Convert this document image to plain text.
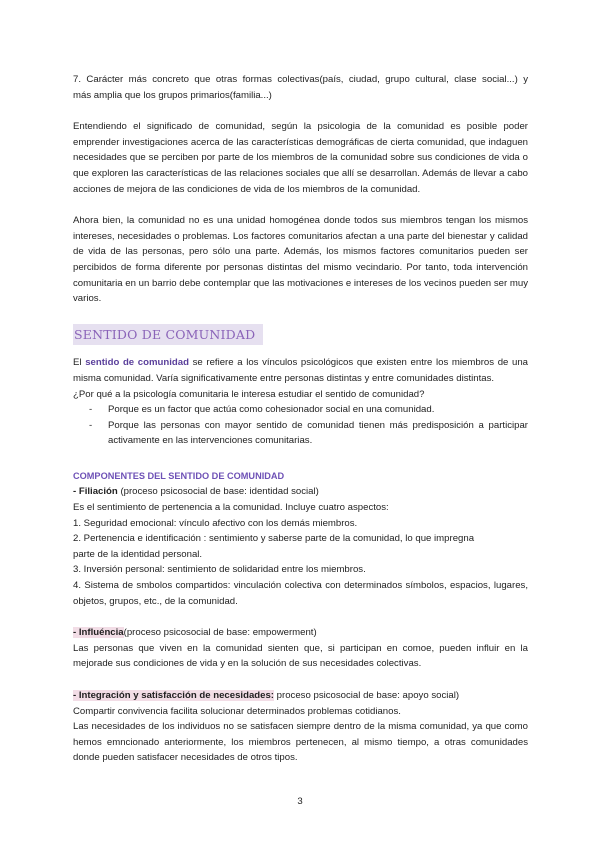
7. Carácter más concreto que otras formas colectivas(país, ciudad, grupo cultural, clase social...) y

más amplia que los grupos primarios(familia...)

Entendiendo el significado de comunidad, según la psicologia de la comunidad es posible poder emprender investigaciones acerca de las características demográficas de cierta comunidad, que indaguen necesidades que se perciben por parte de los miembros de la comunidad sobre sus condiciones de vida o que exploren las características de las relaciones sociales que allí se desarrollan. Además de llevar a cabo acciones de mejora de las condiciones de vida de los miembros de la comunidad.

Ahora bien, la comunidad no es una unidad homogénea donde todos sus miembros tengan los mismos intereses, necesidades o problemas. Los factores comunitarios afectan a una parte del bienestar y calidad de vida de las personas, pero sólo una parte. Además, los mismos factores comunitarios pueden ser percibidos de forma diferente por personas distintas del mismo vecindario. Por tanto, toda intervención comunitaria en un barrio debe contemplar que las motivaciones e intereses de los vecinos pueden ser muy varios.

SENTIDO DE COMUNIDAD

El sentido de comunidad se refiere a los vínculos psicológicos que existen entre los miembros de una misma comunidad. Varía significativamente entre personas distintas y entre comunidades distintas.

¿Por qué a la psicología comunitaria le interesa estudiar el sentido de comunidad?

- Porque es un factor que actúa como cohesionador social en una comunidad.
- Porque las personas con mayor sentido de comunidad tienen más predisposición a participar activamente en las intervenciones comunitarias.

COMPONENTES DEL SENTIDO DE COMUNIDAD

- Filiación (proceso psicosocial de base: identidad social)

Es el sentimiento de pertenencia a la comunidad. Incluye cuatro aspectos:

1. Seguridad emocional: vínculo afectivo con los demás miembros.

2. Pertenencia e identificación : sentimiento y saberse parte de la comunidad, lo que impregna

parte de la identidad personal.

3. Inversión personal: sentimiento de solidaridad entre los miembros.

4. Sistema de smbolos compartidos: vinculación colectiva con determinados símbolos, espacios, lugares, objetos, grupos, etc., de la comunidad.

- Influéncia(proceso psicosocial de base: empowerment)

Las personas que viven en la comunidad sienten que, si participan en comoe, pueden influir en la mejorade sus condiciones de vida y en la solución de sus necesidades colectivas.

- Integración y satisfacción de necesidades: proceso psicosocial de base: apoyo social)

Compartir convivencia facilita solucionar determinados problemas cotidianos.

Las necesidades de los individuos no se satisfacen siempre dentro de la misma comunidad, ya que como hemos emncionado anteriormente, los miembros pertenecen, al mismo tiempo, a otras comunidades donde pueden satisfacer necesidades de otros tipos.

3
